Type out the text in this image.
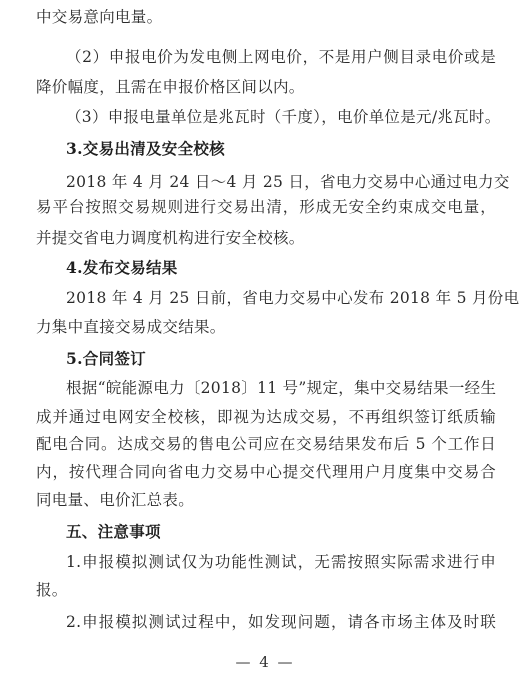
中交易意向电量。
（2）申报电价为发电侧上网电价，不是用户侧目录电价或是
降价幅度，且需在申报价格区间以内。
（3）申报电量单位是兆瓦时（千度），电价单位是元/兆瓦时。
3.交易出清及安全校核
2018 年 4 月 24 日～4 月 25 日，省电力交易中心通过电力交
易平台按照交易规则进行交易出清，形成无安全约束成交电量，
并提交省电力调度机构进行安全校核。
4.发布交易结果
2018 年 4 月 25 日前，省电力交易中心发布 2018 年 5 月份电
力集中直接交易成交结果。
5.合同签订
根据“皖能源电力〔2018〕11 号”规定，集中交易结果一经生
成并通过电网安全校核，即视为达成交易，不再组织签订纸质输
配电合同。达成交易的售电公司应在交易结果发布后 5 个工作日
内，按代理合同向省电力交易中心提交代理用户月度集中交易合
同电量、电价汇总表。
五、注意事项
1.申报模拟测试仅为功能性测试，无需按照实际需求进行申
报。
2.申报模拟测试过程中，如发现问题，请各市场主体及时联
— 4 —
